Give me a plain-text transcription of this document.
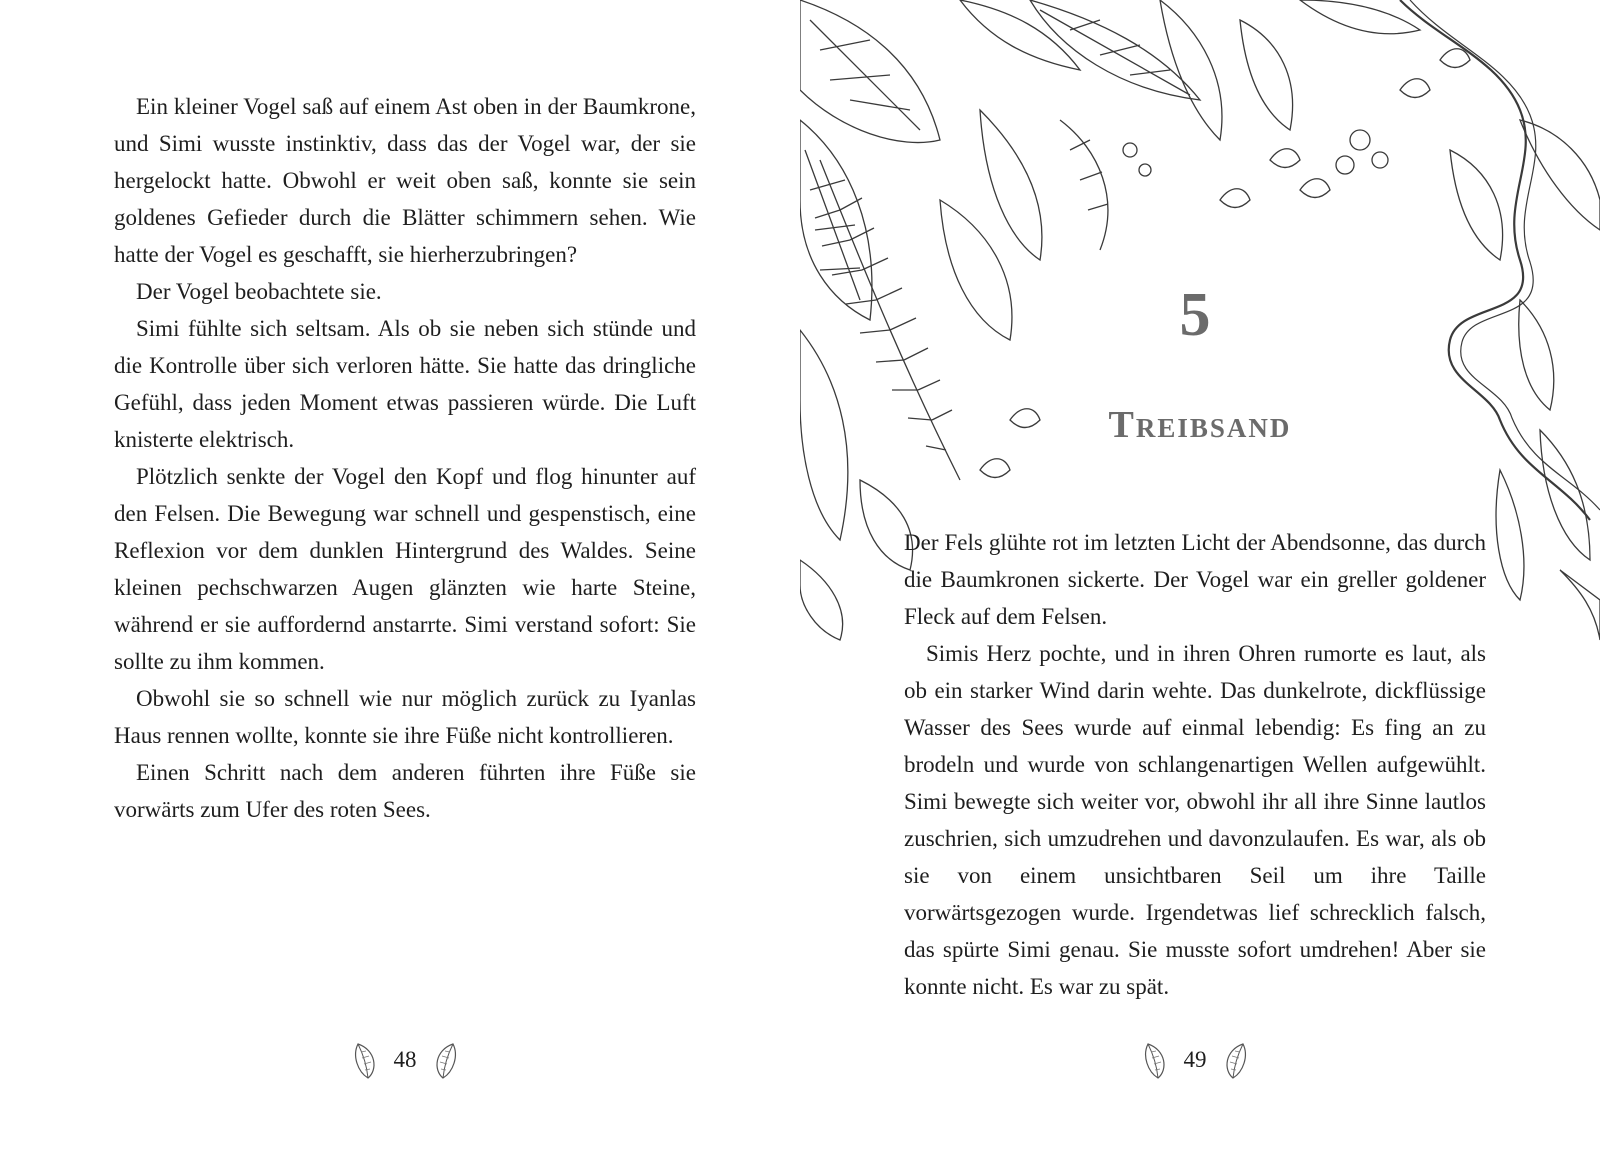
Ein kleiner Vogel saß auf einem Ast oben in der Baumkrone, und Simi wusste instinktiv, dass das der Vogel war, der sie hergelockt hatte. Obwohl er weit oben saß, konnte sie sein goldenes Gefieder durch die Blätter schimmern sehen. Wie hatte der Vogel es geschafft, sie hierherzubringen?

Der Vogel beobachtete sie.

Simi fühlte sich seltsam. Als ob sie neben sich stünde und die Kontrolle über sich verloren hätte. Sie hatte das dringliche Gefühl, dass jeden Moment etwas passieren würde. Die Luft knisterte elektrisch.

Plötzlich senkte der Vogel den Kopf und flog hinunter auf den Felsen. Die Bewegung war schnell und gespenstisch, eine Reflexion vor dem dunklen Hintergrund des Waldes. Seine kleinen pechschwarzen Augen glänzten wie harte Steine, während er sie auffordernd anstarrte. Simi verstand sofort: Sie sollte zu ihm kommen.

Obwohl sie so schnell wie nur möglich zurück zu Iyanlas Haus rennen wollte, konnte sie ihre Füße nicht kontrollieren.

Einen Schritt nach dem anderen führten ihre Füße sie vorwärts zum Ufer des roten Sees.

48
5
Treibsand

Der Fels glühte rot im letzten Licht der Abendsonne, das durch die Baumkronen sickerte. Der Vogel war ein greller goldener Fleck auf dem Felsen.

Simis Herz pochte, und in ihren Ohren rumorte es laut, als ob ein starker Wind darin wehte. Das dunkelrote, dickflüssige Wasser des Sees wurde auf einmal lebendig: Es fing an zu brodeln und wurde von schlangenartigen Wellen aufgewühlt. Simi bewegte sich weiter vor, obwohl ihr all ihre Sinne lautlos zuschrien, sich umzudrehen und davonzulaufen. Es war, als ob sie von einem unsichtbaren Seil um ihre Taille vorwärtsgezogen wurde. Irgendetwas lief schrecklich falsch, das spürte Simi genau. Sie musste sofort umdrehen! Aber sie konnte nicht. Es war zu spät.

49
